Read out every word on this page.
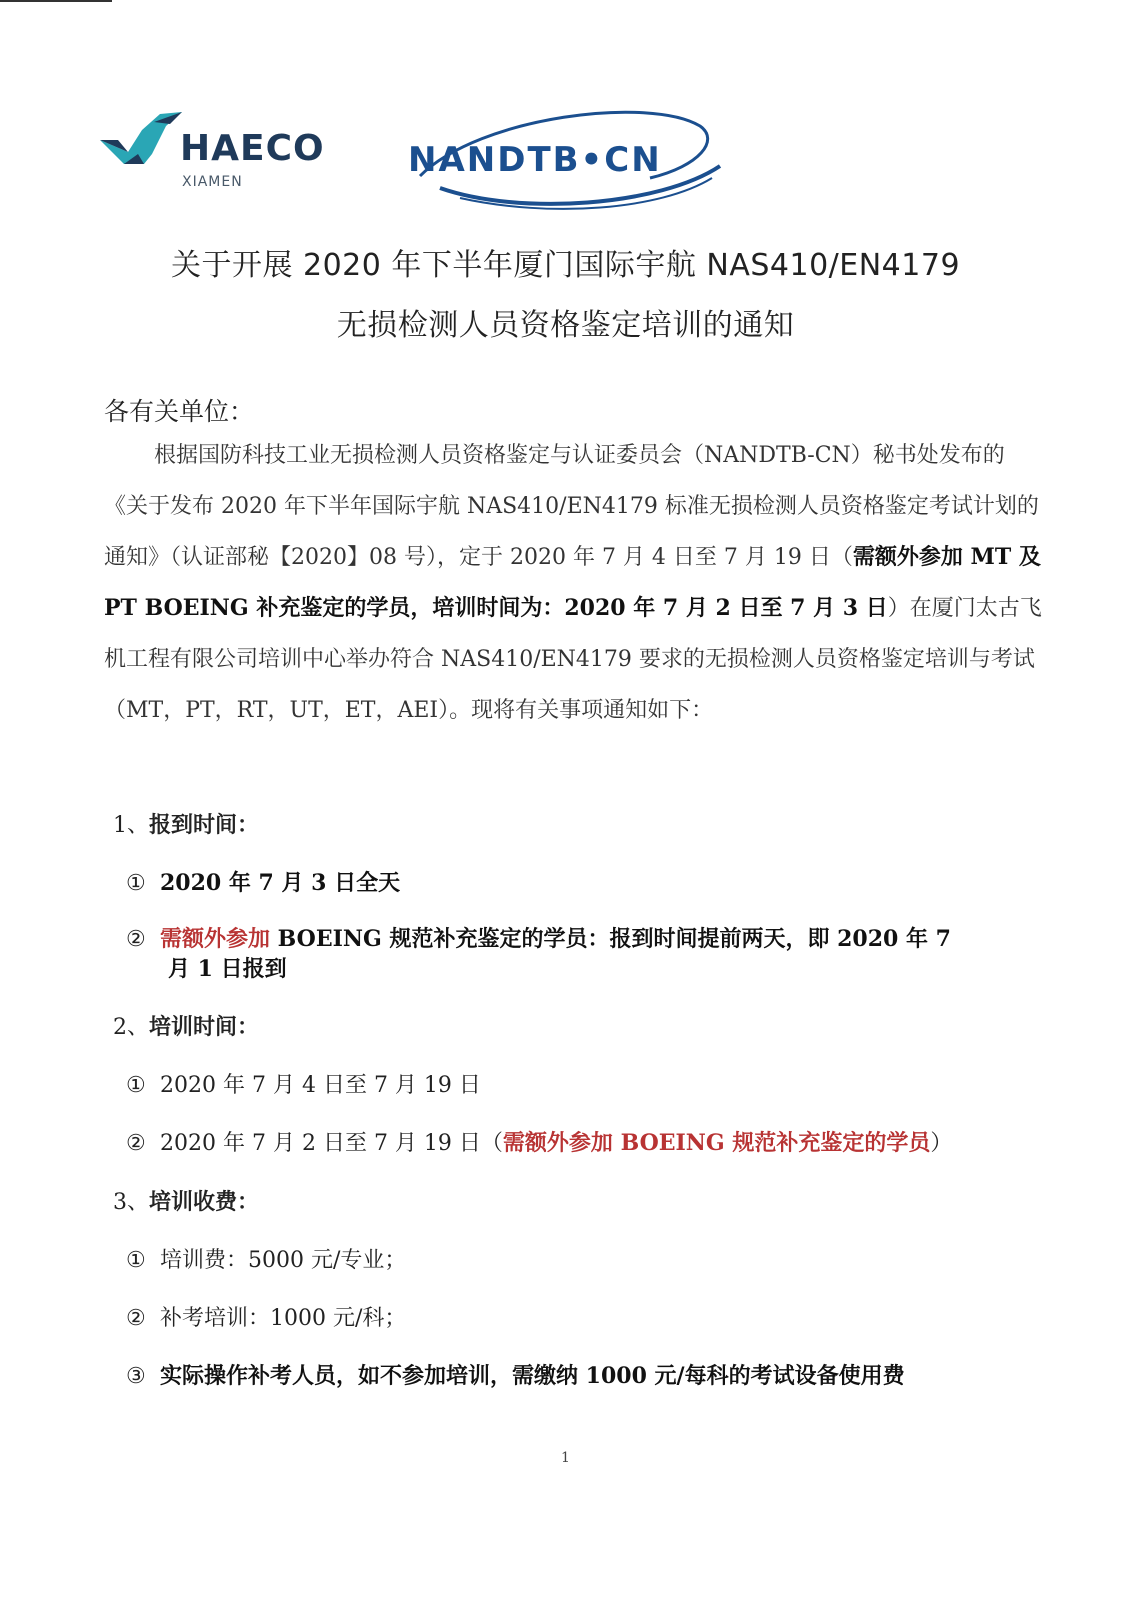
HAECO
XIAMEN
NANDTB•CN
关于开展 2020 年下半年厦门国际宇航 NAS410/EN4179
无损检测人员资格鉴定培训的通知
各有关单位：
根据国防科技工业无损检测人员资格鉴定与认证委员会（NANDTB-CN）秘书处发布的《关于发布 2020 年下半年国际宇航 NAS410/EN4179 标准无损检测人员资格鉴定考试计划的通知》（认证部秘【2020】08 号），定于 2020 年 7 月 4 日至 7 月 19 日（需额外参加 MT 及 PT BOEING 补充鉴定的学员，培训时间为：2020 年 7 月 2 日至 7 月 3 日）在厦门太古飞机工程有限公司培训中心举办符合 NAS410/EN4179 要求的无损检测人员资格鉴定培训与考试（MT，PT，RT，UT，ET，AEI）。现将有关事项通知如下：
1、报到时间：
① 2020 年 7 月 3 日全天
② 需额外参加 BOEING 规范补充鉴定的学员：报到时间提前两天，即 2020 年 7
月 1 日报到
2、培训时间：
① 2020 年 7 月 4 日至 7 月 19 日
② 2020 年 7 月 2 日至 7 月 19 日（需额外参加 BOEING 规范补充鉴定的学员）
3、培训收费：
① 培训费：5000 元/专业；
② 补考培训：1000 元/科；
③ 实际操作补考人员，如不参加培训，需缴纳 1000 元/每科的考试设备使用费
1
